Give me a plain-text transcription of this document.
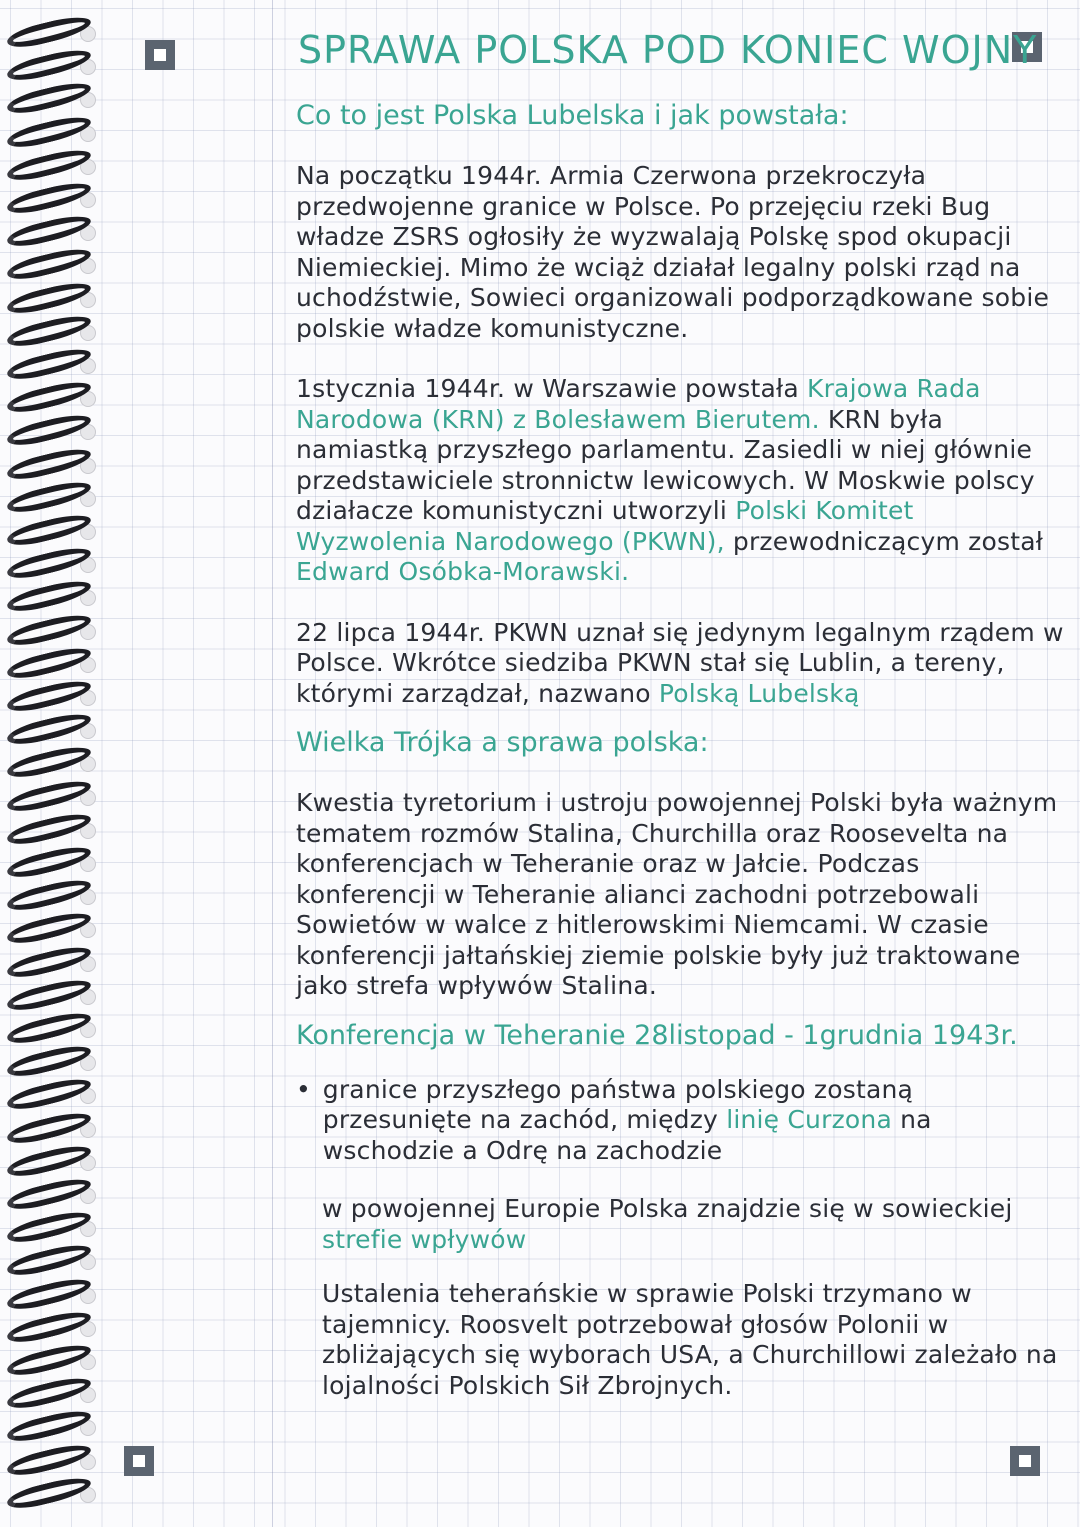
SPRAWA POLSKA POD KONIEC WOJNY
Co to jest Polska Lubelska i jak powstała:

Na początku 1944r. Armia Czerwona przekroczyła przedwojenne granice w Polsce. Po przejęciu rzeki Bug władze ZSRS ogłosiły że wyzwalają Polskę spod okupacji Niemieckiej. Mimo że wciąż działał legalny polski rząd na uchodźstwie, Sowieci organizowali podporządkowane sobie polskie władze komunistyczne.

1stycznia 1944r. w Warszawie powstała Krajowa Rada Narodowa (KRN) z Bolesławem Bierutem. KRN była namiastką przyszłego parlamentu. Zasiedli w niej głównie przedstawiciele stronnictw lewicowych. W Moskwie polscy działacze komunistyczni utworzyli Polski Komitet Wyzwolenia Narodowego (PKWN), przewodniczącym został Edward Osóbka-Morawski.

22 lipca 1944r. PKWN uznał się jedynym legalnym rządem w Polsce. Wkrótce siedziba PKWN stał się Lublin, a tereny, którymi zarządzał, nazwano Polską Lubelską

Wielka Trójka a sprawa polska:

Kwestia tyretorium i ustroju powojennej Polski była ważnym tematem rozmów Stalina, Churchilla oraz Roosevelta na konferencjach w Teheranie oraz w Jałcie. Podczas konferencji w Teheranie alianci zachodni potrzebowali Sowietów w walce z hitlerowskimi Niemcami. W czasie konferencji jałtańskiej ziemie polskie były już traktowane jako strefa wpływów Stalina.

Konferencja w Teheranie 28listopad - 1grudnia 1943r.
• granice przyszłego państwa polskiego zostaną przesunięte na zachód, między linię Curzona na wschodzie a Odrę na zachodzie

w powojennej Europie Polska znajdzie się w sowieckiej strefie wpływów

Ustalenia teherańskie w sprawie Polski trzymano w tajemnicy. Roosvelt potrzebował głosów Polonii w zbliżających się wyborach USA, a Churchillowi zależało na lojalności Polskich Sił Zbrojnych.
